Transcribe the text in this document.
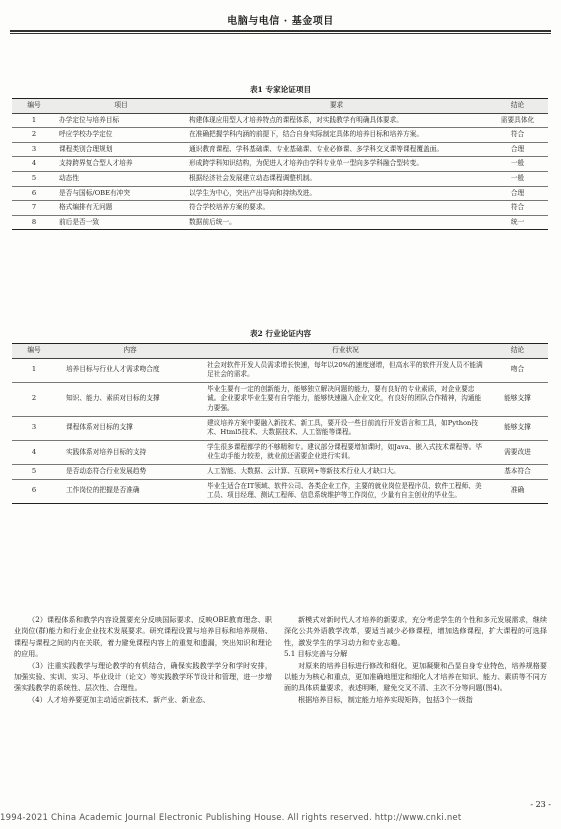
电脑与电信 · 基金项目
表1 专家论证项目
编号	项目	要求	结论
1	办学定位与培养目标	构建体现应用型人才培养特点的课程体系，对实践教学有明确具体要求。	需要具体化
2	呼应学校办学定位	在准确把握学科内涵的前提下，结合自身实际制定具体的培养目标和培养方案。	符合
3	课程类别合理规划	通识教育课程、学科基础课、专业基础课、专业必修课、多学科交叉课等课程覆盖面。	合理
4	支持跨界复合型人才培养	形成跨学科知识结构，为促进人才培养由学科专业单一型向多学科融合型转变。	一般
5	动态性	根据经济社会发展建立动态课程调整机制。	一般
6	是否与国标/OBE有冲突	以学生为中心，突出产出导向和持续改进。	合理
7	格式编排有无问题	符合学校培养方案的要求。	符合
8	前后是否一致	数据前后统一。	统一
表2 行业论证内容
编号	内容	行业状况	结论
1	培养目标与行业人才需求吻合度	社会对软件开发人员需求增长快速，每年以20%的速度递增，但高水平的软件开发人员不能满足社会的需求。	吻合
2	知识、能力、素质对目标的支撑	毕业生要有一定的创新能力，能够独立解决问题的能力，要有良好的专业素质，对企业要忠诚。企业要求毕业生要有自学能力，能够快速融入企业文化，有良好的团队合作精神，沟通能力要强。	能够支撑
3	课程体系对目标的支撑	建议培养方案中要融入新技术、新工具，要开设一些目前流行开发语言和工具，如Python技术、Html5技术、大数据技术、人工智能等课程。	能够支撑
4	实践体系对培养目标的支持	学生很多课程都学的不够精和专。建议部分课程要增加课时，如Java、嵌入式技术课程等。毕业生动手能力较差，就业前还需要企业进行实训。	需要改进
5	是否动态符合行业发展趋势	人工智能、大数据、云计算、互联网+等新技术行业人才缺口大。	基本符合
6	工作岗位的把握是否准确	毕业生适合在IT领域、软件公司、各类企业工作，主要的就业岗位是程序员、软件工程师、美工员、项目经理、测试工程师、信息系统维护等工作岗位，少量有自主创业的毕业生。	准确

（2）课程体系和教学内容设置要充分反映国际要求、反映OBE教育理念、职业岗位(群)能力和行业企业技术发展要求。研究课程设置与培养目标和培养规格、课程与课程之间的内在关联，着力避免课程内容上的重复和遗漏，突出知识和理论的应用。

（3）注重实践教学与理论教学的有机结合，确保实践教学学分和学时安排，加强实验、实训、实习、毕业设计（论文）等实践教学环节设计和管理，进一步增强实践教学的系统性、层次性、合理性。

（4）人才培养要更加主动适应新技术、新产业、新业态、

新模式对新时代人才培养的新要求，充分考虑学生的个性和多元发展需求，继续深化公共外语教学改革，要适当减少必修课程，增加选修课程，扩大课程的可选择性，激发学生的学习动力和专业志趣。

5.1 目标完善与分解

对原来的培养目标进行修改和细化，更加凝聚和凸显自身专业特色，培养规格要以能力为核心和重点，更加准确地厘定和细化人才培养在知识、能力、素质等不同方面的具体质量要求，表述明晰，避免交叉不清、主次不分等问题(图4)。

根据培养目标，制定能力培养实现矩阵，包括3个一级指

- 23 -
1994-2021 China Academic Journal Electronic Publishing House. All rights reserved. http://www.cnki.net
